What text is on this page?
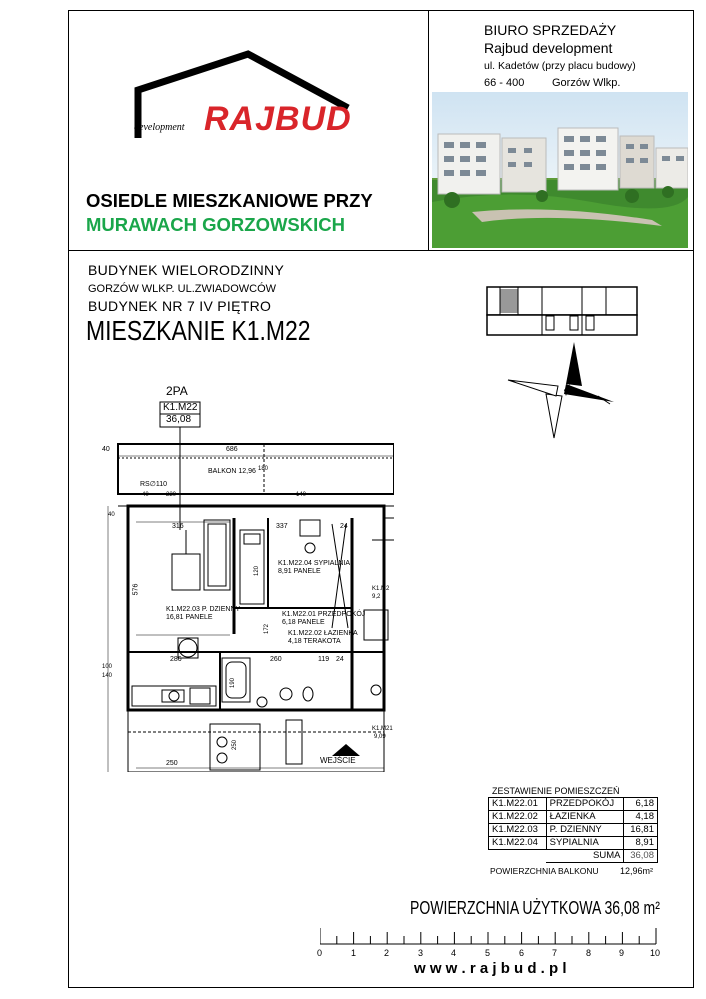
RAJBUD
development
OSIEDLE MIESZKANIOWE PRZY
MURAWACH GORZOWSKICH
BIURO SPRZEDAŻY
Rajbud development
ul. Kadetów (przy placu budowy)
66 - 400	Gorzów Wlkp.
BUDYNEK WIELORODZINNY
GORZÓW WLKP. UL.ZWIADOWCÓW
BUDYNEK NR 7 IV PIĘTRO
MIESZKANIE K1.M22
2PA
K1.M22
36,08
686
40
BALKON 12,96 180
RS∅110
40	220	140
40
316	337	24
576
120
172
286	260	119 24
100
140
190
250
250
K1.M22.04 SYPIALNIA
8,91 PANELE
K1.M22.03 P. DZIENNY
16,81 PANELE	K1.M22.01 PRZEDPOKÓJ
6,18 PANELE
K1.M22.02 ŁAZIENKA
4,18 TERAKOTA
K1.M2
9,2
K1.M21
9,09
WEJŚCIE
ZESTAWIENIE POMIESZCZEŃ
K1.M22.01	PRZEDPOKÓJ	6,18
K1.M22.02	ŁAZIENKA	4,18
K1.M22.03	P. DZIENNY	16,81
K1.M22.04	SYPIALNIA	8,91
	SUMA	36,08
POWIERZCHNIA BALKONU 12,96m²
POWIERZCHNIA UŻYTKOWA 36,08 m²
0	1	2	3	4	5	6	7	8	9	10
w w w . r a j b u d . p l
